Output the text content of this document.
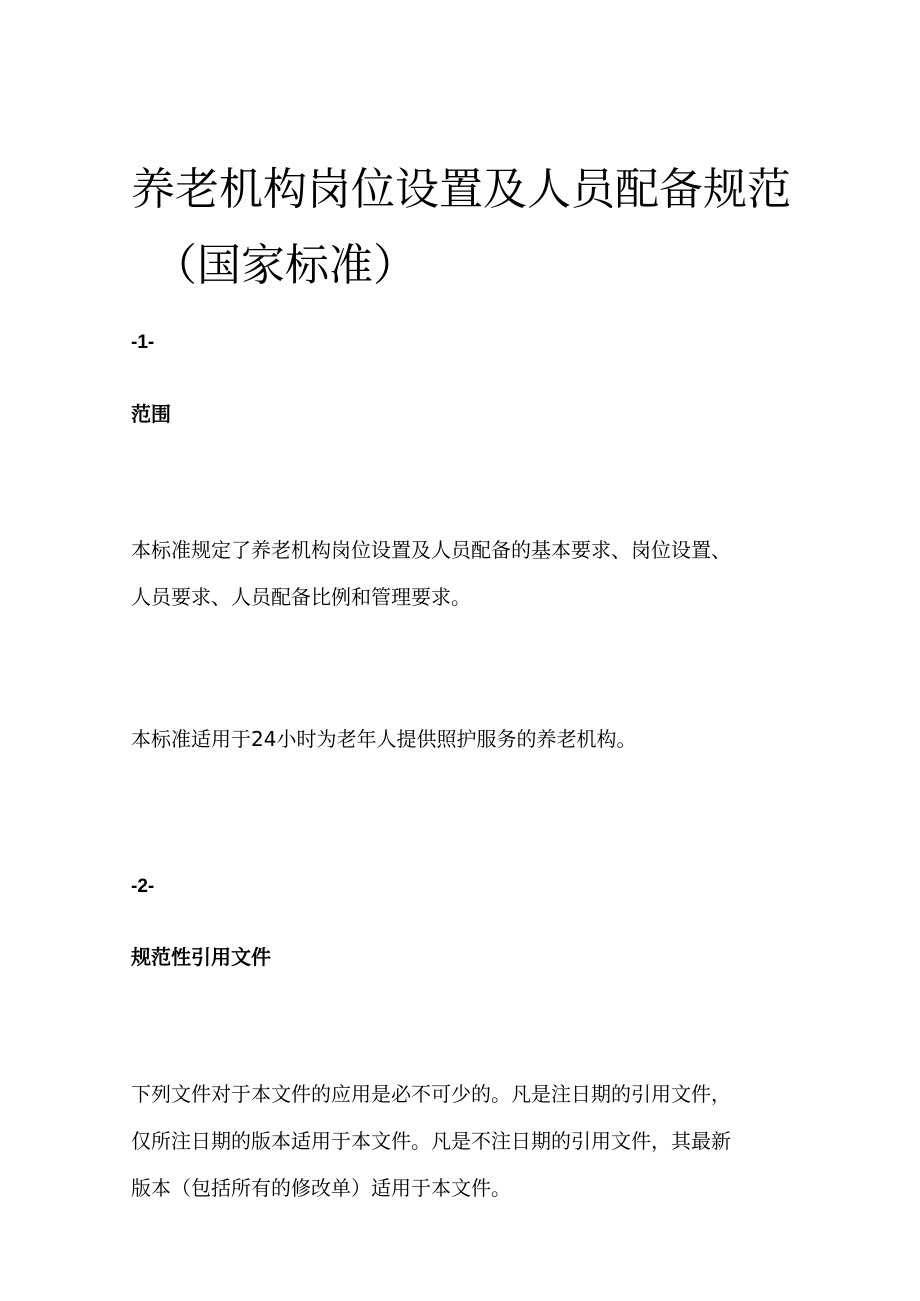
养老机构岗位设置及人员配备规范
（国家标准）

-1-

范围

本标准规定了养老机构岗位设置及人员配备的基本要求、岗位设置、
人员要求、人员配备比例和管理要求。

本标准适用于24小时为老年人提供照护服务的养老机构。

-2-

规范性引用文件

下列文件对于本文件的应用是必不可少的。凡是注日期的引用文件，
仅所注日期的版本适用于本文件。凡是不注日期的引用文件，其最新
版本（包括所有的修改单）适用于本文件。
